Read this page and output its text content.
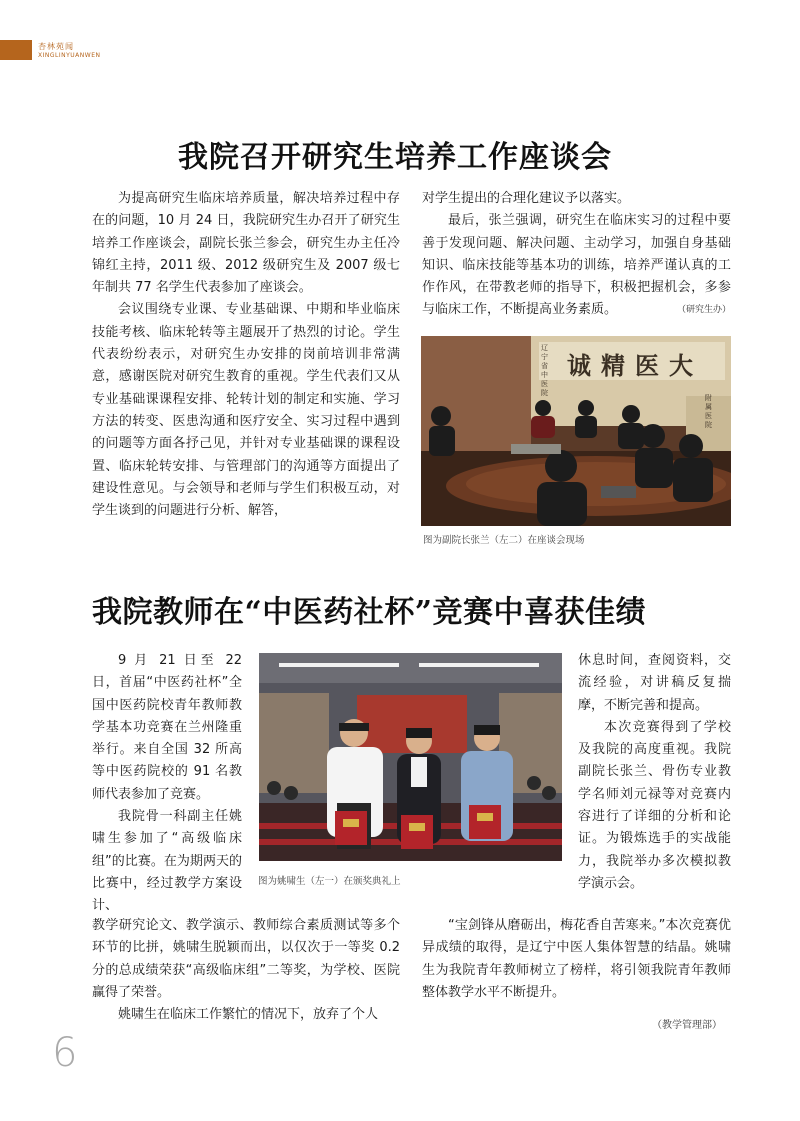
杏林苑闻
XINGLINYUANWEN
我院召开研究生培养工作座谈会

为提高研究生临床培养质量，解决培养过程中存在的问题，10 月 24 日，我院研究生办召开了研究生培养工作座谈会，副院长张兰参会，研究生办主任冷锦红主持，2011 级、2012 级研究生及 2007 级七年制共 77 名学生代表参加了座谈会。

会议围绕专业课、专业基础课、中期和毕业临床技能考核、临床轮转等主题展开了热烈的讨论。学生代表纷纷表示，对研究生办安排的岗前培训非常满意，感谢医院对研究生教育的重视。学生代表们又从专业基础课课程安排、轮转计划的制定和实施、学习方法的转变、医患沟通和医疗安全、实习过程中遇到的问题等方面各抒己见，并针对专业基础课的课程设置、临床轮转安排、与管理部门的沟通等方面提出了建设性意见。与会领导和老师与学生们积极互动，对学生谈到的问题进行分析、解答，

对学生提出的合理化建议予以落实。

最后，张兰强调，研究生在临床实习的过程中要善于发现问题、解决问题、主动学习，加强自身基础知识、临床技能等基本功的训练，培养严谨认真的工作作风，在带教老师的指导下，积极把握机会，多参与临床工作，不断提高业务素质。	（研究生办）

诚精医大
辽宁省中医院
附属医院
图为副院长张兰（左二）在座谈会现场
我院教师在“中医药社杯”竞赛中喜获佳绩

9 月 21 日至 22 日，首届“中医药社杯”全国中医药院校青年教师教学基本功竞赛在兰州隆重举行。来自全国 32 所高等中医药院校的 91 名教师代表参加了竞赛。

我院骨一科副主任姚啸生参加了“高级临床组”的比赛。在为期两天的比赛中，经过教学方案设计、

图为姚啸生（左一）在颁奖典礼上

休息时间，查阅资料，交流经验，对讲稿反复揣摩，不断完善和提高。

本次竞赛得到了学校及我院的高度重视。我院副院长张兰、骨伤专业教学名师刘元禄等对竞赛内容进行了详细的分析和论证。为锻炼选手的实战能力，我院举办多次模拟教学演示会。

教学研究论文、教学演示、教师综合素质测试等多个环节的比拼，姚啸生脱颖而出，以仅次于一等奖 0.2 分的总成绩荣获“高级临床组”二等奖，为学校、医院赢得了荣誉。

姚啸生在临床工作繁忙的情况下，放弃了个人

“宝剑锋从磨砺出，梅花香自苦寒来。”本次竞赛优异成绩的取得，是辽宁中医人集体智慧的结晶。姚啸生为我院青年教师树立了榜样，将引领我院青年教师整体教学水平不断提升。

（教学管理部）
6
